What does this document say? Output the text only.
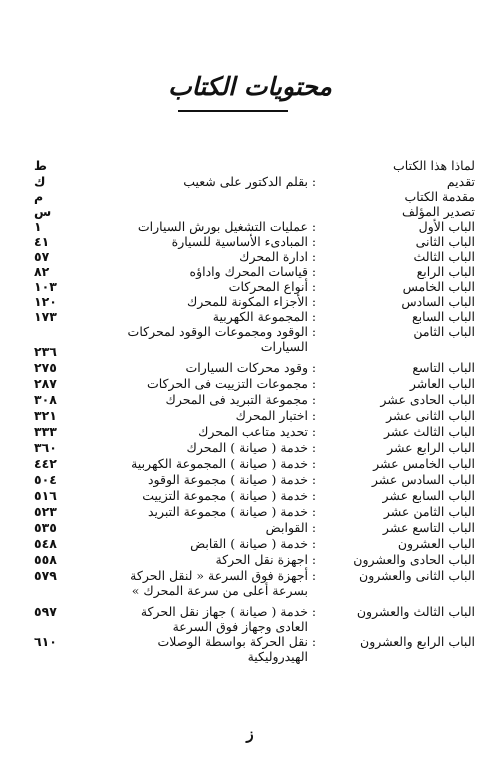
محتويات الكتاب
لماذا هذا الكتاب
ط
تقديم
:
بقلم الدكتور على شعيب
ك
مقدمة الكتاب
م
تصدير المؤلف
س
الباب الأول
:
عمليات التشغيل بورش السيارات
١
الباب الثانى
:
المبادىء الأساسية للسيارة
٤١
الباب الثالث
:
ادارة المحرك
٥٧
الباب الرابع
:
قياسات المحرك واداؤه
٨٢
الباب الخامس
:
أنواع المحركات
١٠٣
الباب السادس
:
الأجزاء المكونة للمحرك
١٢٠
الباب السابع
:
المجموعة الكهربية
١٧٣
الباب الثامن
:
الوقود ومجموعات الوقود لمحركات السيارات
٢٣٦
الباب التاسع
:
وقود محركات السيارات
٢٧٥
الباب العاشر
:
مجموعات التزييت فى الحركات
٢٨٧
الباب الحادى عشر
:
مجموعة التبريد فى المحرك
٣٠٨
الباب الثانى عشر
:
اختبار المحرك
٣٢١
الباب الثالث عشر
:
تحديد متاعب المحرك
٣٣٣
الباب الرابع عشر
:
خدمة ( صيانة ) المحرك
٣٦٠
الباب الخامس عشر
:
خدمة ( صيانة ) المجموعة الكهربية
٤٤٢
الباب السادس عشر
:
خدمة ( صيانة ) مجموعة الوقود
٥٠٤
الباب السابع عشر
:
خدمة ( صيانة ) مجموعة التزييت
٥١٦
الباب الثامن عشر
:
خدمة ( صيانة ) مجموعة التبريد
٥٢٣
الباب التاسع عشر
:
القوابض
٥٣٥
الباب العشرون
:
خدمة ( صيانة ) القابض
٥٤٨
الباب الحادى والعشرون
:
اجهزة نقل الحركة
٥٥٨
الباب الثانى والعشرون
:
أجهزة فوق السرعة « لنقل الحركة بسرعة أعلى من سرعة المحرك »
٥٧٩
الباب الثالث والعشرون
:
خدمة ( صيانة ) جهاز نقل الحركة العادى وجهاز فوق السرعة
٥٩٧
الباب الرابع والعشرون
:
نقل الحركة بواسطة الوصلات الهيدروليكية
٦١٠
ز
